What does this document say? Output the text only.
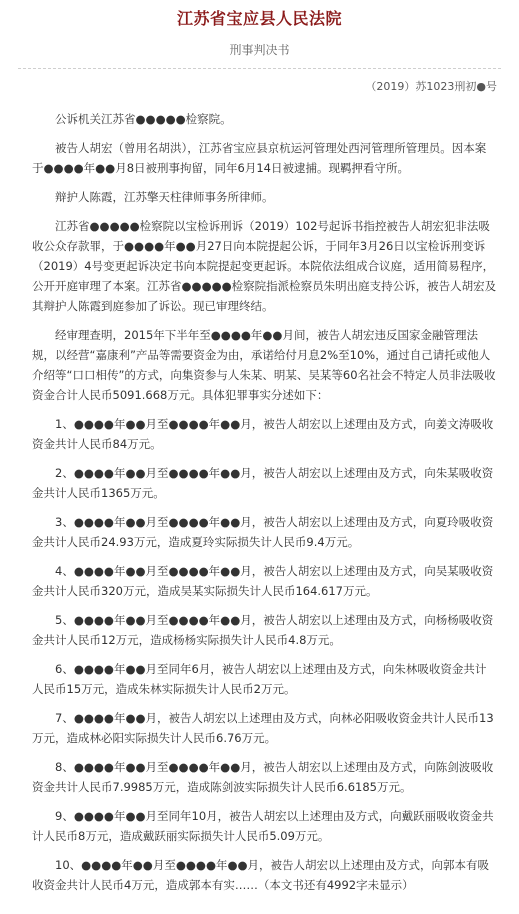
江苏省宝应县人民法院
刑事判决书
（2019）苏1023刑初●号

公诉机关江苏省●●●●●检察院。

被告人胡宏（曾用名胡洪），江苏省宝应县京杭运河管理处西河管理所管理员。因本案于●●●●年●●月8日被刑事拘留，同年6月14日被逮捕。现羁押看守所。

辩护人陈霞，江苏擎天柱律师事务所律师。

江苏省●●●●●检察院以宝检诉刑诉（2019）102号起诉书指控被告人胡宏犯非法吸收公众存款罪，于●●●●年●●月27日向本院提起公诉，于同年3月26日以宝检诉刑变诉（2019）4号变更起诉决定书向本院提起变更起诉。本院依法组成合议庭，适用简易程序，公开开庭审理了本案。江苏省●●●●●检察院指派检察员朱明出庭支持公诉，被告人胡宏及其辩护人陈霞到庭参加了诉讼。现已审理终结。

经审理查明，2015年下半年至●●●●年●●月间，被告人胡宏违反国家金融管理法规，以经营“嘉康利”产品等需要资金为由，承诺给付月息2%至10%，通过自己请托或他人介绍等“口口相传”的方式，向集资参与人朱某、明某、吴某等60名社会不特定人员非法吸收资金合计人民币5091.668万元。具体犯罪事实分述如下：

1、●●●●年●●月至●●●●年●●月，被告人胡宏以上述理由及方式，向姜文涛吸收资金共计人民币84万元。

2、●●●●年●●月至●●●●年●●月，被告人胡宏以上述理由及方式，向朱某吸收资金共计人民币1365万元。

3、●●●●年●●月至●●●●年●●月，被告人胡宏以上述理由及方式，向夏玲吸收资金共计人民币24.93万元，造成夏玲实际损失计人民币9.4万元。

4、●●●●年●●月至●●●●年●●月，被告人胡宏以上述理由及方式，向吴某吸收资金共计人民币320万元，造成吴某实际损失计人民币164.617万元。

5、●●●●年●●月至●●●●年●●月，被告人胡宏以上述理由及方式，向杨杨吸收资金共计人民币12万元，造成杨杨实际损失计人民币4.8万元。

6、●●●●年●●月至同年6月，被告人胡宏以上述理由及方式，向朱林吸收资金共计人民币15万元，造成朱林实际损失计人民币2万元。

7、●●●●年●●月，被告人胡宏以上述理由及方式，向林必阳吸收资金共计人民币13万元，造成林必阳实际损失计人民币6.76万元。

8、●●●●年●●月至●●●●年●●月，被告人胡宏以上述理由及方式，向陈剑波吸收资金共计人民币7.9985万元，造成陈剑波实际损失计人民币6.6185万元。

9、●●●●年●●月至同年10月，被告人胡宏以上述理由及方式，向戴跃丽吸收资金共计人民币8万元，造成戴跃丽实际损失计人民币5.09万元。

10、●●●●年●●月至●●●●年●●月，被告人胡宏以上述理由及方式，向郭本有吸收资金共计人民币4万元，造成郭本有实……（本文书还有4992字未显示）
